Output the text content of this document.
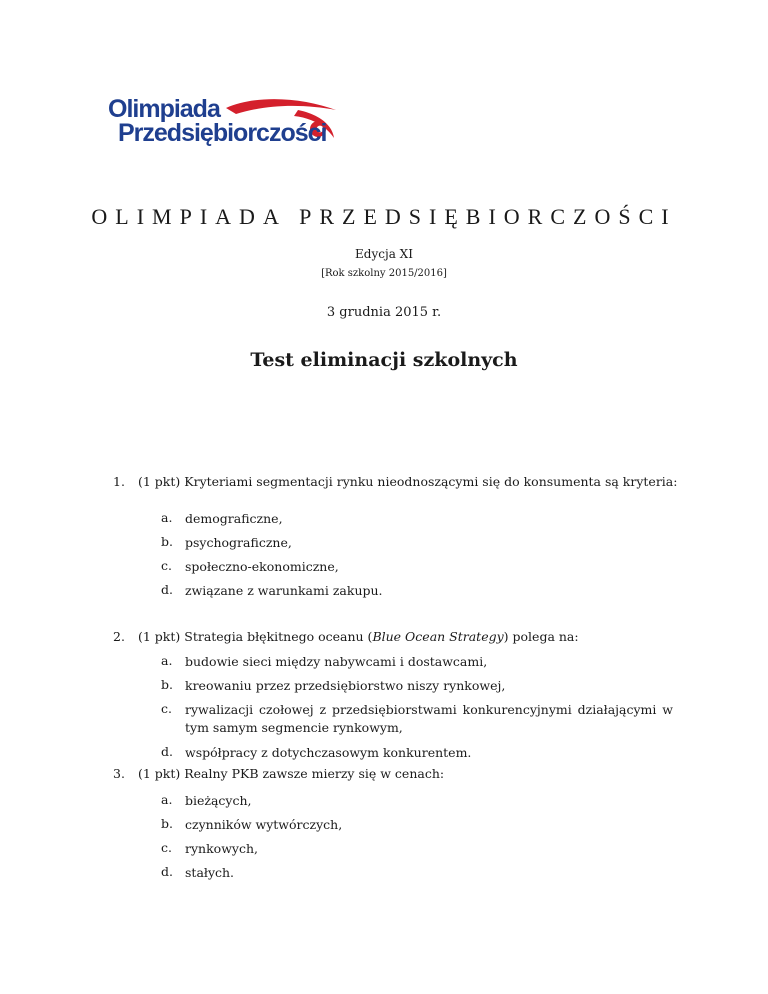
Olimpiada
Przedsiębiorczości
OLIMPIADA PRZEDSIĘBIORCZOŚCI
Edycja XI
[Rok szkolny 2015/2016]
3 grudnia 2015 r.
Test eliminacji szkolnych
1. (1 pkt) Kryteriami segmentacji rynku nieodnoszącymi się do konsumenta są kryteria:
a. demograficzne,
b. psychograficzne,
c. społeczno-ekonomiczne,
d. związane z warunkami zakupu.
2. (1 pkt) Strategia błękitnego oceanu (Blue Ocean Strategy) polega na:
a. budowie sieci między nabywcami i dostawcami,
b. kreowaniu przez przedsiębiorstwo niszy rynkowej,
c. rywalizacji czołowej z przedsiębiorstwami konkurencyjnymi działającymi w tym samym segmencie rynkowym,
d. współpracy z dotychczasowym konkurentem.
3. (1 pkt) Realny PKB zawsze mierzy się w cenach:
a. bieżących,
b. czynników wytwórczych,
c. rynkowych,
d. stałych.
